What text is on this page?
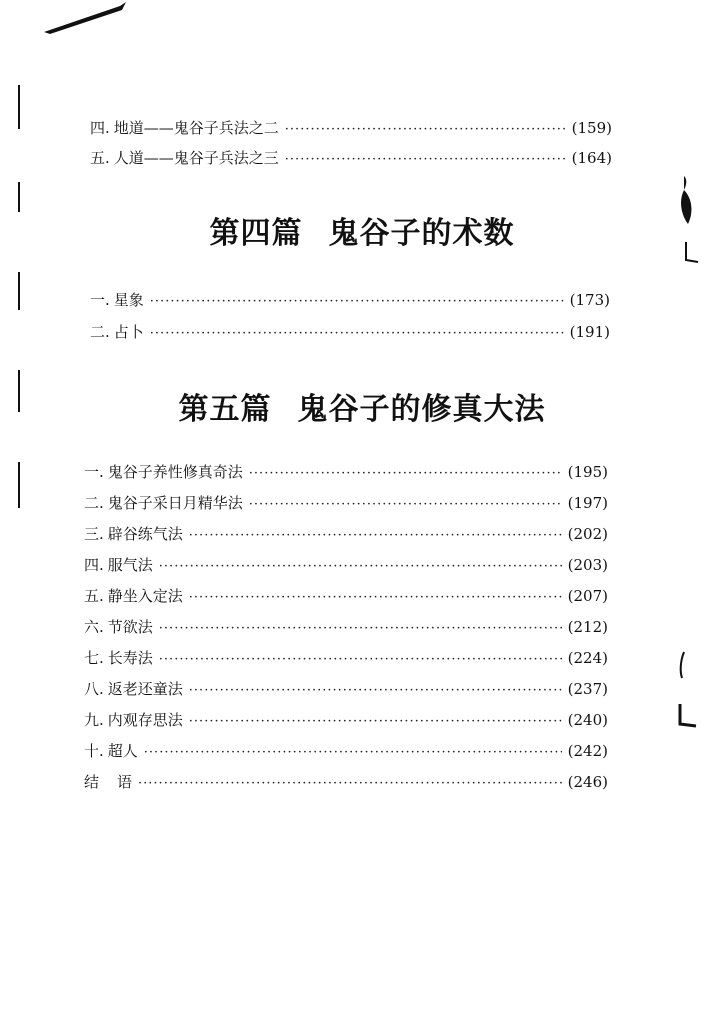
四. 地道——鬼谷子兵法之二 ·····	(159)
五. 人道——鬼谷子兵法之三 ·····	(164)
第四篇 鬼谷子的术数
一. 星象 ·····	(173)
二. 占卜 ·····	(191)
第五篇 鬼谷子的修真大法
一. 鬼谷子养性修真奇法 ·····	(195)
二. 鬼谷子采日月精华法 ·····	(197)
三. 辟谷练气法 ·····	(202)
四. 服气法 ·····	(203)
五. 静坐入定法 ·····	(207)
六. 节欲法 ·····	(212)
七. 长寿法 ·····	(224)
八. 返老还童法 ·····	(237)
九. 内观存思法 ·····	(240)
十. 超人 ·····	(242)
结	语 ·····	(246)
